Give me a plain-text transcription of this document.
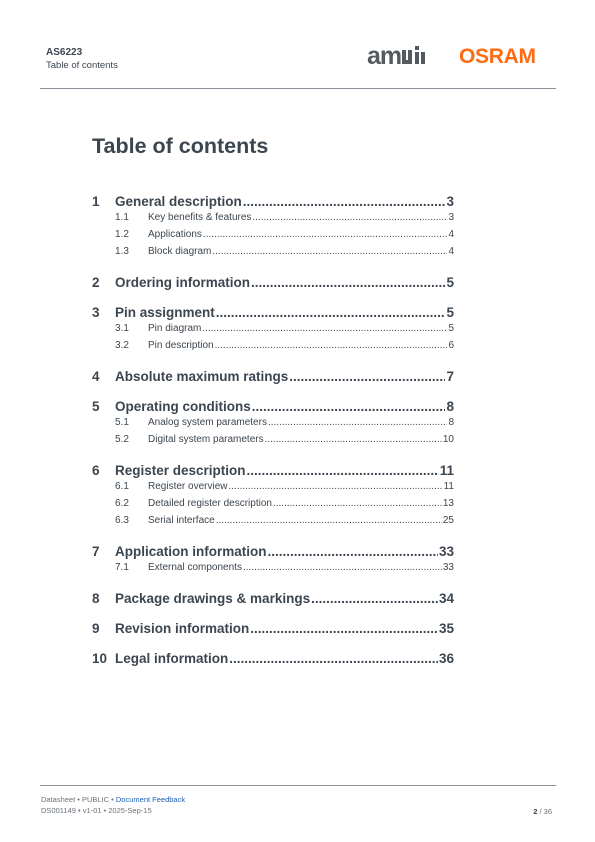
AS6223
Table of contents	am	OSRAM
Table of contents
1	General description .....	3
1.1	Key benefits & features .....	3
1.2	Applications .....	4
1.3	Block diagram .....	4
2	Ordering information .....	5
3	Pin assignment .....	5
3.1	Pin diagram .....	5
3.2	Pin description .....	6
4	Absolute maximum ratings .....	7
5	Operating conditions .....	8
5.1	Analog system parameters .....	8
5.2	Digital system parameters .....	10
6	Register description .....	11
6.1	Register overview .....	11
6.2	Detailed register description .....	13
6.3	Serial interface .....	25
7	Application information .....	33
7.1	External components .....	33
8	Package drawings & markings .....	34
9	Revision information .....	35
10 Legal information .....	36
Datasheet • PUBLIC • Document Feedback
DS001149 • v1-01 • 2025-Sep-15	2 / 36
